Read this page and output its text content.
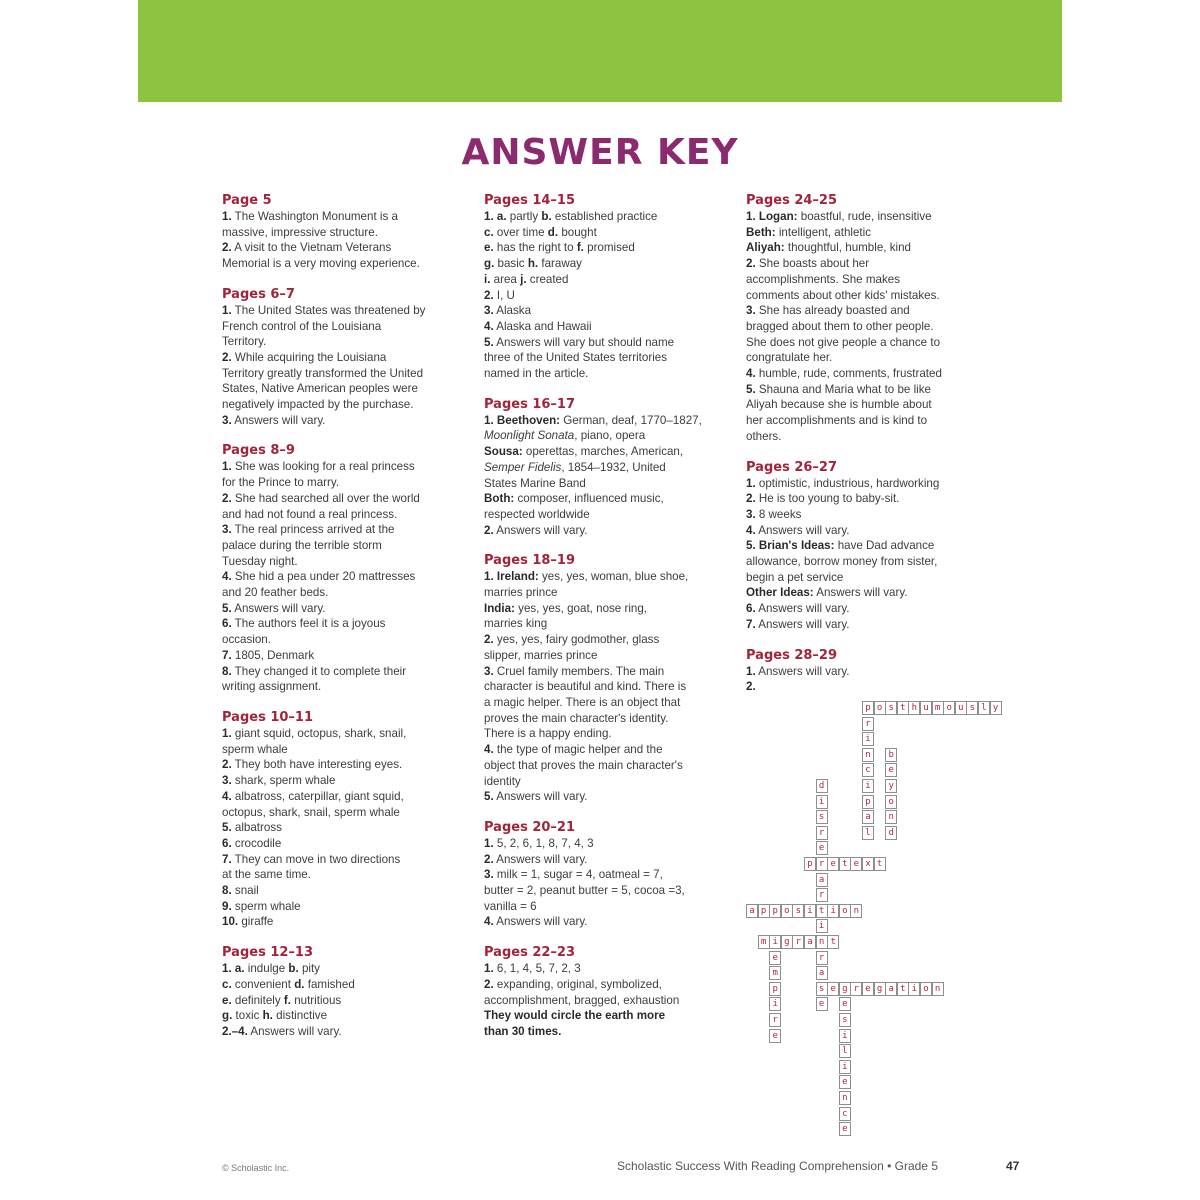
ANSWER KEY
Page 5
1. The Washington Monument is a
massive, impressive structure.
2. A visit to the Vietnam Veterans
Memorial is a very moving experience.
Pages 6–7
1. The United States was threatened by
French control of the Louisiana
Territory.
2. While acquiring the Louisiana
Territory greatly transformed the United
States, Native American peoples were
negatively impacted by the purchase.
3. Answers will vary.
Pages 8–9
1. She was looking for a real princess
for the Prince to marry.
2. She had searched all over the world
and had not found a real princess.
3. The real princess arrived at the
palace during the terrible storm
Tuesday night.
4. She hid a pea under 20 mattresses
and 20 feather beds.
5. Answers will vary.
6. The authors feel it is a joyous
occasion.
7. 1805, Denmark
8. They changed it to complete their
writing assignment.
Pages 10–11
1. giant squid, octopus, shark, snail,
sperm whale
2. They both have interesting eyes.
3. shark, sperm whale
4. albatross, caterpillar, giant squid,
octopus, shark, snail, sperm whale
5. albatross
6. crocodile
7. They can move in two directions
at the same time.
8. snail
9. sperm whale
10. giraffe
Pages 12–13
1. a. indulge b. pity
c. convenient d. famished
e. definitely f. nutritious
g. toxic h. distinctive
2.–4. Answers will vary.
Pages 14–15
1. a. partly b. established practice
c. over time d. bought
e. has the right to f. promised
g. basic h. faraway
i. area j. created
2. I, U
3. Alaska
4. Alaska and Hawaii
5. Answers will vary but should name
three of the United States territories
named in the article.
Pages 16–17
1. Beethoven: German, deaf, 1770–1827,
Moonlight Sonata, piano, opera
Sousa: operettas, marches, American,
Semper Fidelis, 1854–1932, United
States Marine Band
Both: composer, influenced music,
respected worldwide
2. Answers will vary.
Pages 18–19
1. Ireland: yes, yes, woman, blue shoe,
marries prince
India: yes, yes, goat, nose ring,
marries king
2. yes, yes, fairy godmother, glass
slipper, marries prince
3. Cruel family members. The main
character is beautiful and kind. There is
a magic helper. There is an object that
proves the main character's identity.
There is a happy ending.
4. the type of magic helper and the
object that proves the main character's
identity
5. Answers will vary.
Pages 20–21
1. 5, 2, 6, 1, 8, 7, 4, 3
2. Answers will vary.
3. milk = 1, sugar = 4, oatmeal = 7,
butter = 2, peanut butter = 5, cocoa =3,
vanilla = 6
4. Answers will vary.
Pages 22–23
1. 6, 1, 4, 5, 7, 2, 3
2. expanding, original, symbolized,
accomplishment, bragged, exhaustion
They would circle the earth more
than 30 times.
Pages 24–25
1. Logan: boastful, rude, insensitive
Beth: intelligent, athletic
Aliyah: thoughtful, humble, kind
2. She boasts about her
accomplishments. She makes
comments about other kids' mistakes.
3. She has already boasted and
bragged about them to other people.
She does not give people a chance to
congratulate her.
4. humble, rude, comments, frustrated
5. Shauna and Maria what to be like
Aliyah because she is humble about
her accomplishments and is kind to
others.
Pages 26–27
1. optimistic, industrious, hardworking
2. He is too young to baby-sit.
3. 8 weeks
4. Answers will vary.
5. Brian's Ideas: have Dad advance
allowance, borrow money from sister,
begin a pet service
Other Ideas: Answers will vary.
6. Answers will vary.
7. Answers will vary.
Pages 28–29
1. Answers will vary.
2.
p o s t h u m o u s l y
p r e t e x t
a p p o s i t i o n
m i g r a n t
s e g r e g a t i o n
r
i
n
c
i
p
a
l
b
e
y
o
n
d
d
i
s
r
e
a
r
i
r
a
e	e
s
i
l
i
e
n
c
e
e
m
p
i
r
e
© Scholastic Inc.	Scholastic Success With Reading Comprehension • Grade 5	47
